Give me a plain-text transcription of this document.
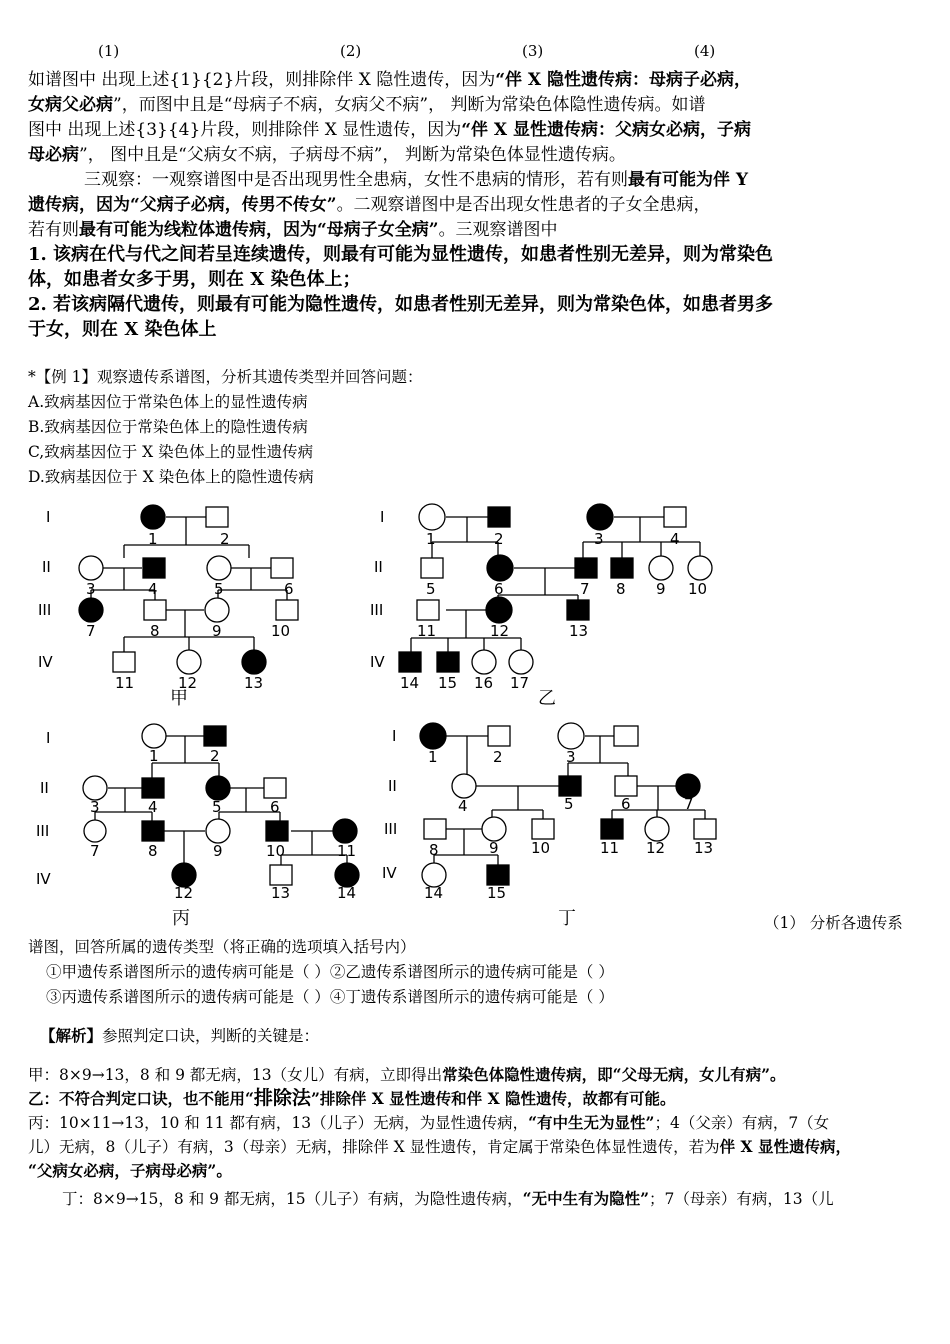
(1)	(2)	(3)	(4)
如谱图中 出现上述{1}{2}片段，则排除伴 X 隐性遗传，因为“伴 X 隐性遗传病：母病子必病，
女病父必病”，而图中且是“母病子不病，女病父不病”， 判断为常染色体隐性遗传病。如谱
图中 出现上述{3}{4}片段，则排除伴 X 显性遗传，因为“伴 X 显性遗传病：父病女必病，子病
母必病”， 图中且是“父病女不病，子病母不病”， 判断为常染色体显性遗传病。
三观察：一观察谱图中是否出现男性全患病，女性不患病的情形，若有则最有可能为伴 Y
遗传病，因为“父病子必病，传男不传女”。二观察谱图中是否出现女性患者的子女全患病，
若有则最有可能为线粒体遗传病，因为“母病子女全病”。三观察谱图中
1. 该病在代与代之间若呈连续遗传，则最有可能为显性遗传，如患者性别无差异，则为常染色
体，如患者女多于男，则在 X 染色体上；
2. 若该病隔代遗传，则最有可能为隐性遗传，如患者性别无差异，则为常染色体，如患者男多
于女，则在 X 染色体上
*【例 1】观察遗传系谱图，分析其遗传类型并回答问题：
A.致病基因位于常染色体上的显性遗传病
B.致病基因位于常染色体上的隐性遗传病
C,致病基因位于 X 染色体上的显性遗传病
D.致病基因位于 X 染色体上的隐性遗传病
I
II
III
IV
I
II
III
IV
I
II
III
IV
I
II
III
IV
1	2
3	4	5	6
7	8	9	10
11	12	13
1	2	3	4
5	6	7 8 9 10
11	12	13
14 15 16 17
1	2
3	4	5	6
7	8	9	10	11
12	13	14
1	2	3
4	5	6	7
8	9 10	11 12 13
14	15
甲	乙
丙	丁	（1） 分析各遗传系
谱图，回答所属的遗传类型（将正确的选项填入括号内）
①甲遗传系谱图所示的遗传病可能是（ ）②乙遗传系谱图所示的遗传病可能是（ ）
③丙遗传系谱图所示的遗传病可能是（ ）④丁遗传系谱图所示的遗传病可能是（ ）
【解析】参照判定口诀，判断的关键是：
甲：8×9→13，8 和 9 都无病，13（女儿）有病，立即得出常染色体隐性遗传病，即“父母无病，女儿有病”。
乙：不符合判定口诀，也不能用“排除法”排除伴 X 显性遗传和伴 X 隐性遗传，故都有可能。
丙：10×11→13，10 和 11 都有病，13（儿子）无病，为显性遗传病，“有中生无为显性”；4（父亲）有病，7（女
儿）无病，8（儿子）有病，3（母亲）无病，排除伴 X 显性遗传，肯定属于常染色体显性遗传，若为伴 X 显性遗传病，
“父病女必病，子病母必病”。
丁：8×9→15，8 和 9 都无病，15（儿子）有病，为隐性遗传病，“无中生有为隐性”；7（母亲）有病，13（儿
